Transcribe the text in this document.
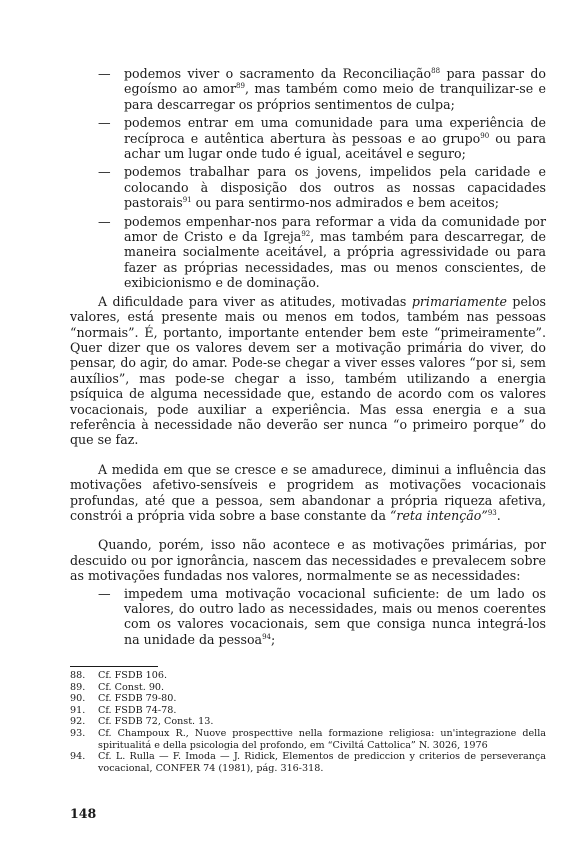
—	podemos viver o sacramento da Reconciliação$^{88}$ para passar do egoísmo ao amor$^{89}$, mas também como meio de tranquilizar-se e para descarregar os próprios sentimentos de culpa;
—	podemos entrar em uma comunidade para uma experiência de recíproca e autêntica abertura às pessoas e ao grupo$^{90}$ ou para achar um lugar onde tudo é igual, aceitável e seguro;
—	podemos trabalhar para os jovens, impelidos pela caridade e colocando à disposição dos outros as nossas capacidades pastorais$^{91}$ ou para sentirmo-nos admirados e bem aceitos;
—	podemos empenhar-nos para reformar a vida da comunidade por amor de Cristo e da Igreja$^{92}$, mas também para descarregar, de maneira socialmente aceitável, a própria agressividade ou para fazer as próprias necessidades, mas ou menos conscientes, de exibicionismo e de dominação.

A dificuldade para viver as atitudes, motivadas primariamente pelos valores, está presente mais ou menos em todos, também nas pessoas “normais”. É, portanto, importante entender bem este “primeiramente”. Quer dizer que os valores devem ser a motivação primária do viver, do pensar, do agir, do amar. Pode-se chegar a viver esses valores “por si, sem auxílios”, mas pode-se chegar a isso, também utilizando a energia psíquica de alguma necessidade que, estando de acordo com os valores vocacionais, pode auxiliar a experiência. Mas essa energia e a sua referência à necessidade não deverão ser nunca “o primeiro porque” do que se faz.

A medida em que se cresce e se amadurece, diminui a influência das motivações afetivo-sensíveis e progridem as motivações vocacionais profundas, até que a pessoa, sem abandonar a própria riqueza afetiva, constrói a própria vida sobre a base constante da “reta intenção”$^{93}$.

Quando, porém, isso não acontece e as motivações primárias, por descuido ou por ignorância, nascem das necessidades e prevalecem sobre as motivações fundadas nos valores, normalmente se as necessidades:

—	impedem uma motivação vocacional suficiente: de um lado os valores, do outro lado as necessidades, mais ou menos coerentes com os valores vocacionais, sem que consiga nunca integrá-los na unidade da pessoa$^{94}$;
88.	Cf. FSDB 106.
89.	Cf. Const. 90.
90.	Cf. FSDB 79-80.
91.	Cf. FSDB 74-78.
92.	Cf. FSDB 72, Const. 13.
93.	Cf. Champoux R., Nuove prospecttive nella formazione religiosa: un'integrazione della spiritualitá e della psicologia del profondo, em “Civiltá Cattolica” N. 3026, 1976
94.	Cf. L. Rulla — F. Imoda — J. Ridick, Elementos de prediccion y criterios de perseverança vocacional, CONFER 74 (1981), pág. 316-318.
148
